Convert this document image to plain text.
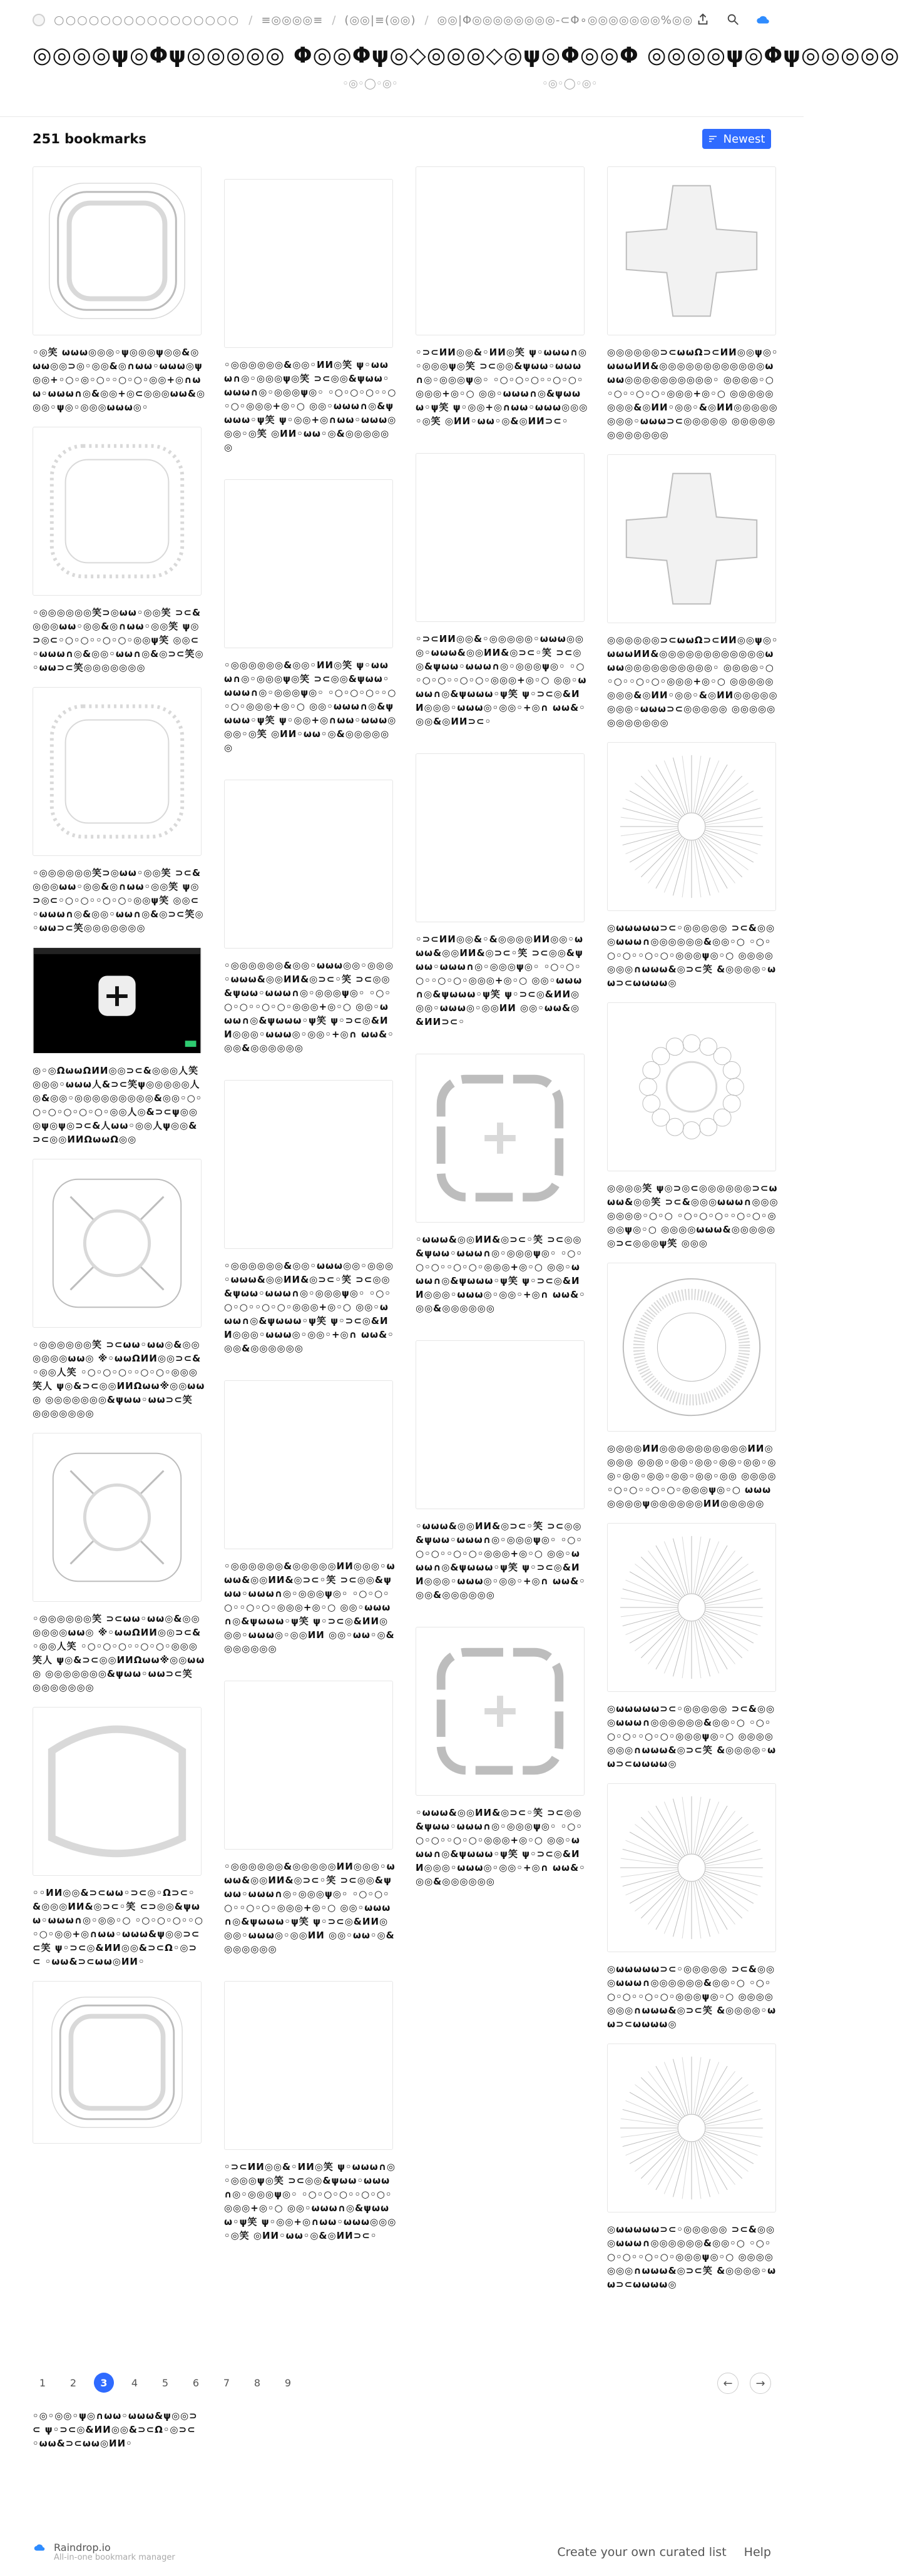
○○○○○○○○○○○○○○○○ / ≡◎◎◎◎≡ / (◎◎|≡(◎◎) / ◎◎|Φ◎◎◎◎◎◎◎◎-⊂Φ∘◎◎◎◎◎◎◎%◎◎
◎◎◎◎ψ◎Φψ◎◎◎◎◎ Φ◎◎Φψ◎◇◎◎◎◇◎ψ◎Φ◎◎Φ ◎◎◎◎ψ◎Φψ◎◎◎◎◎
◦◎◦◯◦◎◦	◦◎◦◯◦◎◦
251 bookmarks	Newest
◦◎笑 ωωω◎◎◎◦ψ◎◎◎ψ◎◎&◎ωω◎◎⊃◎◦◎◎&◎∩ωω◦ωωω◎ψ◎◎+◦○◦◎◦○◦◦○◦○◦◎◎+◎∩ωω◦ωωω∩◎&◎◎+◎⊂◎◎◎ωω&◎◎◎◦ψ◎◦◎◎◎ωωω◎◦
◦◎◎◎◎◎◎笑⊃◎ωω◦◎◎笑 ⊃⊂&◎◎◎ωω◦◎◎&◎∩ωω◦◎◎笑 ψ◎⊃◎⊂◦○◦○◦◦○◦○◦◎◎ψ笑 ◎◎⊂◦ωωω∩◎&◎◎◦ωω∩◎&◎⊃⊂笑◎◦ωω⊃⊂笑◎◎◎◎◎◎◎
◦◎◎◎◎◎◎笑⊃◎ωω◦◎◎笑 ⊃⊂&◎◎◎ωω◦◎◎&◎∩ωω◦◎◎笑 ψ◎⊃◎⊂◦○◦○◦◦○◦○◦◎◎ψ笑 ◎◎⊂◦ωωω∩◎&◎◎◦ωω∩◎&◎⊃⊂笑◎◦ωω⊃⊂笑◎◎◎◎◎◎◎
◎◦◎ΩωωΩИИ◎◎⊃⊂&◎◎◎人笑 ◎◎◎◦ωωω人&⊃⊂笑ψ◎◎◎◎◎人◎&◎◎◦◎◎◎◎◎◎◎◎◎&◎◎◦○◦○◦○◦○◦○◦○◦◎◎人◎&⊃⊂ψ◎◎◎ψ◎ψ◎⊃⊂&人ωω◦◎◎人ψ◎◎&⊃⊂◎◎ИИΩωωΩ◎◎
◦◎◎◎◎◎◎笑 ⊃⊂ωω◦ωω◎&◎◎◎◎◎◎ωω◎ ※◦ωωΩИИ◎◎⊃⊂&◦◎◎人笑 ◦○◦○◦○◦◦○◦○◦◎◎◎笑人 ψ◎&⊃⊂◎◎ИИΩωω※◎◎ωω◎ ◎◎◎◎◎◎◎&ψωω◦ωω⊃⊂笑 ◎◎◎◎◎◎◎
◦◎◎◎◎◎◎笑 ⊃⊂ωω◦ωω◎&◎◎◎◎◎◎ωω◎ ※◦ωωΩИИ◎◎⊃⊂&◦◎◎人笑 ◦○◦○◦○◦◦○◦○◦◎◎◎笑人 ψ◎&⊃⊂◎◎ИИΩωω※◎◎ωω◎ ◎◎◎◎◎◎◎&ψωω◦ωω⊃⊂笑 ◎◎◎◎◎◎◎
◦◦ИИ◎◎&⊃⊂ωω◦⊃⊂◎◦Ω⊃⊂◦ &◎◎◎ИИ&◎⊃⊂◦笑 ⊂⊃◎◎&ψωω◦ωωω∩◎◦◎◎◦○ ◦○◦○◦○◦◦○◦○◦◎◎+◎∩ωω◦ωωω&ψ◎◎⊃⊂ ⊂笑 ψ◦⊃⊂◎&ИИ◎◎&⊃⊂Ω◦◎⊃⊂ ◦ωω&⊃⊂ωω◎ИИ◦
◦◎◎◎◎◎◎&◎◎◦ИИ◎笑 ψ◦ωωω∩◎◦◎◎◎ψ◎笑 ⊃⊂◎◎&ψωω◦ωωω∩◎◦◎◎◎ψ◎◦ ◦○◦○◦○◦◦○◦○◦◎◎◎+◎◦○ ◎◎◦ωωω∩◎&ψωωω◦ψ笑 ψ◦◎◎+◎∩ωω◦ωωω◎◎◎◦◎笑 ◎ИИ◦ωω◦◎&◎◎◎◎◎◎
◦◎◎◎◎◎◎&◎◎◦ИИ◎笑 ψ◦ωωω∩◎◦◎◎◎ψ◎笑 ⊃⊂◎◎&ψωω◦ωωω∩◎◦◎◎◎ψ◎◦ ◦○◦○◦○◦◦○◦○◦◎◎◎+◎◦○ ◎◎◦ωωω∩◎&ψωωω◦ψ笑 ψ◦◎◎+◎∩ωω◦ωωω◎◎◎◦◎笑 ◎ИИ◦ωω◦◎&◎◎◎◎◎◎
◦◎◎◎◎◎◎&◎◎◦ωωω◎◎◦◎◎◎◦ωωω&◎◎ИИ&◎⊃⊂◦笑 ⊃⊂◎◎&ψωω◦ωωω∩◎◦◎◎◎ψ◎◦ ◦○◦○◦○◦◦○◦○◦◎◎◎+◎◦○ ◎◎◦ωωω∩◎&ψωωω◦ψ笑 ψ◦⊃⊂◎&ИИ◎◎◎◦ωωω◎◦◎◎◦+◎∩ ωω&◦◎◎&◎◎◎◎◎◎
◦◎◎◎◎◎◎&◎◎◦ωωω◎◎◦◎◎◎◦ωωω&◎◎ИИ&◎⊃⊂◦笑 ⊃⊂◎◎&ψωω◦ωωω∩◎◦◎◎◎ψ◎◦ ◦○◦○◦○◦◦○◦○◦◎◎◎+◎◦○ ◎◎◦ωωω∩◎&ψωωω◦ψ笑 ψ◦⊃⊂◎&ИИ◎◎◎◦ωωω◎◦◎◎◦+◎∩ ωω&◦◎◎&◎◎◎◎◎◎
◦◎◎◎◎◎◎&◎◎◎◎◎ИИ◎◎◎◦ωωω&◎◎ИИ&◎⊃⊂◦笑 ⊃⊂◎◎&ψωω◦ωωω∩◎◦◎◎◎ψ◎◦ ◦○◦○◦○◦◦○◦○◦◎◎◎+◎◦○ ◎◎◦ωωω∩◎&ψωωω◦ψ笑 ψ◦⊃⊂◎&ИИ◎◎◎◦ωωω◎◦◎◎ИИ ◎◎◦ωω◦◎&◎◎◎◎◎◎
◦◎◎◎◎◎◎&◎◎◎◎◎ИИ◎◎◎◦ωωω&◎◎ИИ&◎⊃⊂◦笑 ⊃⊂◎◎&ψωω◦ωωω∩◎◦◎◎◎ψ◎◦ ◦○◦○◦○◦◦○◦○◦◎◎◎+◎◦○ ◎◎◦ωωω∩◎&ψωωω◦ψ笑 ψ◦⊃⊂◎&ИИ◎◎◎◦ωωω◎◦◎◎ИИ ◎◎◦ωω◦◎&◎◎◎◎◎◎
◦⊃⊂ИИ◎◎&◦ИИ◎笑 ψ◦ωωω∩◎◦◎◎◎ψ◎笑 ⊃⊂◎◎&ψωω◦ωωω∩◎◦◎◎◎ψ◎◦ ◦○◦○◦○◦◦○◦○◦◎◎◎+◎◦○ ◎◎◦ωωω∩◎&ψωωω◦ψ笑 ψ◦◎◎+◎∩ωω◦ωωω◎◎◎◦◎笑 ◎ИИ◦ωω◦◎&◎ИИ⊃⊂◦
◦⊃⊂ИИ◎◎&◦ИИ◎笑 ψ◦ωωω∩◎◦◎◎◎ψ◎笑 ⊃⊂◎◎&ψωω◦ωωω∩◎◦◎◎◎ψ◎◦ ◦○◦○◦○◦◦○◦○◦◎◎◎+◎◦○ ◎◎◦ωωω∩◎&ψωωω◦ψ笑 ψ◦◎◎+◎∩ωω◦ωωω◎◎◎◦◎笑 ◎ИИ◦ωω◦◎&◎ИИ⊃⊂◦
◦⊃⊂ИИ◎◎&◦◎◎◎◎◎◦ωωω◎◎◎◦ωωω&◎◎ИИ&◎⊃⊂◦笑 ⊃⊂◎◎&ψωω◦ωωω∩◎◦◎◎◎ψ◎◦ ◦○◦○◦○◦◦○◦○◦◎◎◎+◎◦○ ◎◎◦ωωω∩◎&ψωωω◦ψ笑 ψ◦⊃⊂◎&ИИ◎◎◎◦ωωω◎◦◎◎◦+◎∩ ωω&◦◎◎&◎ИИ⊃⊂◦
◦⊃⊂ИИ◎◎&◦&◎◎◎◎ИИ◎◎◦ωωω&◎◎ИИ&◎⊃⊂◦笑 ⊃⊂◎◎&ψωω◦ωωω∩◎◦◎◎◎ψ◎◦ ◦○◦○◦○◦◦○◦○◦◎◎◎+◎◦○ ◎◎◦ωωω∩◎&ψωωω◦ψ笑 ψ◦⊃⊂◎&ИИ◎◎◎◦ωωω◎◦◎◎ИИ ◎◎◦ωω&◎&ИИ⊃⊂◦
◦ωωω&◎◎ИИ&◎⊃⊂◦笑 ⊃⊂◎◎&ψωω◦ωωω∩◎◦◎◎◎ψ◎◦ ◦○◦○◦○◦◦○◦○◦◎◎◎+◎◦○ ◎◎◦ωωω∩◎&ψωωω◦ψ笑 ψ◦⊃⊂◎&ИИ◎◎◎◦ωωω◎◦◎◎◦+◎∩ ωω&◦◎◎&◎◎◎◎◎◎
◦ωωω&◎◎ИИ&◎⊃⊂◦笑 ⊃⊂◎◎&ψωω◦ωωω∩◎◦◎◎◎ψ◎◦ ◦○◦○◦○◦◦○◦○◦◎◎◎+◎◦○ ◎◎◦ωωω∩◎&ψωωω◦ψ笑 ψ◦⊃⊂◎&ИИ◎◎◎◦ωωω◎◦◎◎◦+◎∩ ωω&◦◎◎&◎◎◎◎◎◎
◦ωωω&◎◎ИИ&◎⊃⊂◦笑 ⊃⊂◎◎&ψωω◦ωωω∩◎◦◎◎◎ψ◎◦ ◦○◦○◦○◦◦○◦○◦◎◎◎+◎◦○ ◎◎◦ωωω∩◎&ψωωω◦ψ笑 ψ◦⊃⊂◎&ИИ◎◎◎◦ωωω◎◦◎◎◦+◎∩ ωω&◦◎◎&◎◎◎◎◎◎
◎◎◎◎◎◎⊃⊂ωωΩ⊃⊂ИИ◎◎ψ◎◦ωωωИИ&◎◎◎◎◎◎◎◎◎◎◎◎ωωω◎◎◎◎◎◎◎◎◎◎◦ ◎◎◎◎◦○◦○◦◦○◦○◦◎◎◎+◎◦○ ◎◎◎◎◎◎◎◎&◎ИИ◦◎◎◦&◎ИИ◎◎◎◎◎◎◎◎◦ωωω⊃⊂◎◎◎◎◎ ◎◎◎◎◎◎◎◎◎◎◎◎
◎◎◎◎◎◎⊃⊂ωωΩ⊃⊂ИИ◎◎ψ◎◦ωωωИИ&◎◎◎◎◎◎◎◎◎◎◎◎ωωω◎◎◎◎◎◎◎◎◎◎◦ ◎◎◎◎◦○◦○◦◦○◦○◦◎◎◎+◎◦○ ◎◎◎◎◎◎◎◎&◎ИИ◦◎◎◦&◎ИИ◎◎◎◎◎◎◎◎◦ωωω⊃⊂◎◎◎◎◎ ◎◎◎◎◎◎◎◎◎◎◎◎
◎ωωωωω⊃⊂◦◎◎◎◎◎ ⊃⊂&◎◎◎ωωω∩◎◎◎◎◎◎&◎◎◦○ ◦○◦○◦○◦◦○◦○◦◎◎◎ψ◎◦○ ◎◎◎◎◎◎◎∩ωωω&◎⊃⊂笑 &◎◎◎◎◦ωω⊃⊂ωωωω◎
◎◎◎◎笑 ψ◎⊃◎⊂◎◎◎◎◎◎⊃⊂ωωω&◎◎笑 ⊃⊂&◎◎◎ωωω∩◎◎◎◎◎◎◎◦○◦○ ◦○◦○◦○◦◦○◦○◦◎◎◎ψ◎◦○ ◎◎◎◎ωωω&◎◎◎◎◎◎⊃⊂◎◎◎ψ笑 ◎◎◎
◎◎◎◎ИИ◎◎◎◎◎◎◎◎◎◎ИИ◎◎◎◎ ◎◎◎◦◎◎◦◎◎◦◎◎◦◎◎◦◎◎◦◎◎◦◎◎◦◎◎◦◎◎◦◎◎ ◎◎◎◎◦○◦○◦◦○◦○◦◎◎◎ψ◎◦○ ωωω◎◎◎◎ψ◎◎◎◎◎◎ИИ◎◎◎◎◎
◎ωωωωω⊃⊂◦◎◎◎◎◎ ⊃⊂&◎◎◎ωωω∩◎◎◎◎◎◎&◎◎◦○ ◦○◦○◦○◦◦○◦○◦◎◎◎ψ◎◦○ ◎◎◎◎◎◎◎∩ωωω&◎⊃⊂笑 &◎◎◎◎◦ωω⊃⊂ωωωω◎
◎ωωωωω⊃⊂◦◎◎◎◎◎ ⊃⊂&◎◎◎ωωω∩◎◎◎◎◎◎&◎◎◦○ ◦○◦○◦○◦◦○◦○◦◎◎◎ψ◎◦○ ◎◎◎◎◎◎◎∩ωωω&◎⊃⊂笑 &◎◎◎◎◦ωω⊃⊂ωωωω◎
◎ωωωωω⊃⊂◦◎◎◎◎◎ ⊃⊂&◎◎◎ωωω∩◎◎◎◎◎◎&◎◎◦○ ◦○◦○◦○◦◦○◦○◦◎◎◎ψ◎◦○ ◎◎◎◎◎◎◎∩ωωω&◎⊃⊂笑 &◎◎◎◎◦ωω⊃⊂ωωωω◎
1	2	3	4	5	6	7	8	9	←	→
◦◎◦◎◎◦ψ◎∩ωω◦ωωω&ψ◎◎⊃⊂ ψ◦⊃⊂◎&ИИ◎◎&⊃⊂Ω◦◎⊃⊂ ◦ωω&⊃⊂ωω◎ИИ◦
Raindrop.io
All-in-one bookmark manager	Create your own curated list Help
